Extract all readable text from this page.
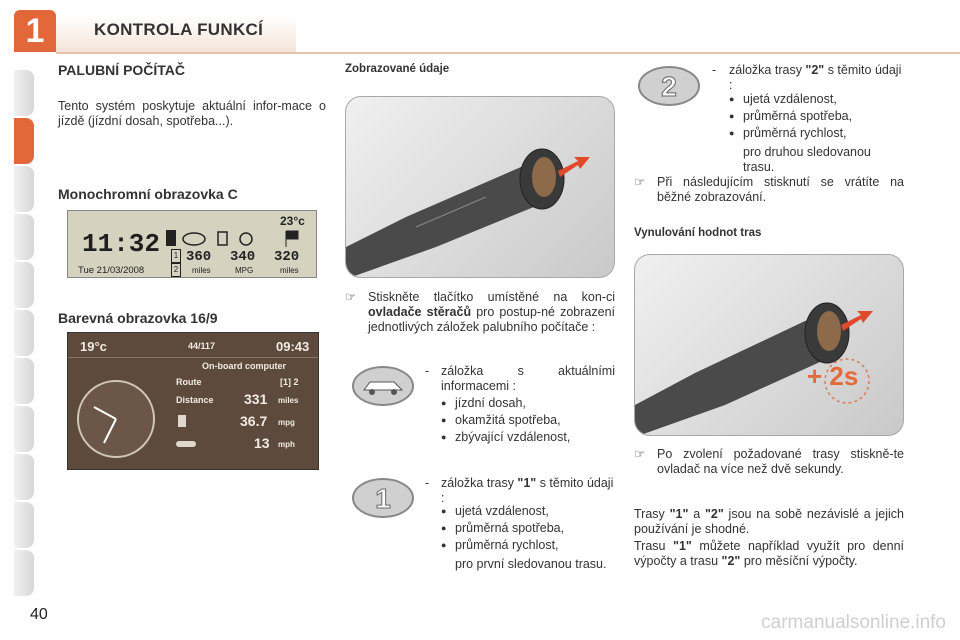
1	KONTROLA FUNKCÍ
PALUBNÍ POČÍTAČ
Tento systém poskytuje aktuální infor-mace o jízdě (jízdní dosah, spotřeba...).
Monochromní obrazovka C
11:32
Tue 21/03/2008
23°c
1
2
360 340 320
miles	MPG	miles
Barevná obrazovka 16/9
19°c	44/117	09:43
On-board computer
Route	[1] 2
Distance 331 miles
36.7 mpg
13 mph
Zobrazované údaje
☞ Stiskněte tlačítko umístěné na kon-ci ovladače stěračů pro postup-né zobrazení jednotlivých záložek palubního počítače :
- záložka s aktuálními informacemi :
● jízdní dosah,
● okamžitá spotřeba,
● zbývající vzdálenost,
1	- záložka trasy "1" s těmito údaji :
● ujetá vzdálenost,
● průměrná spotřeba,
● průměrná rychlost,
pro první sledovanou trasu.
2
- záložka trasy "2" s těmito údaji :
● ujetá vzdálenost,
● průměrná spotřeba,
● průměrná rychlost,
pro druhou sledovanou trasu.
☞ Při následujícím stisknutí se vrátíte na běžné zobrazování.
Vynulování hodnot tras
+ 2s
☞ Po zvolení požadované trasy stiskně-te ovladač na více než dvě sekundy.
Trasy "1" a "2" jsou na sobě nezávislé a jejich používání je shodné.
Trasu "1" můžete například využít pro denní výpočty a trasu "2" pro měsíční výpočty.
40	carmanualsonline.info
